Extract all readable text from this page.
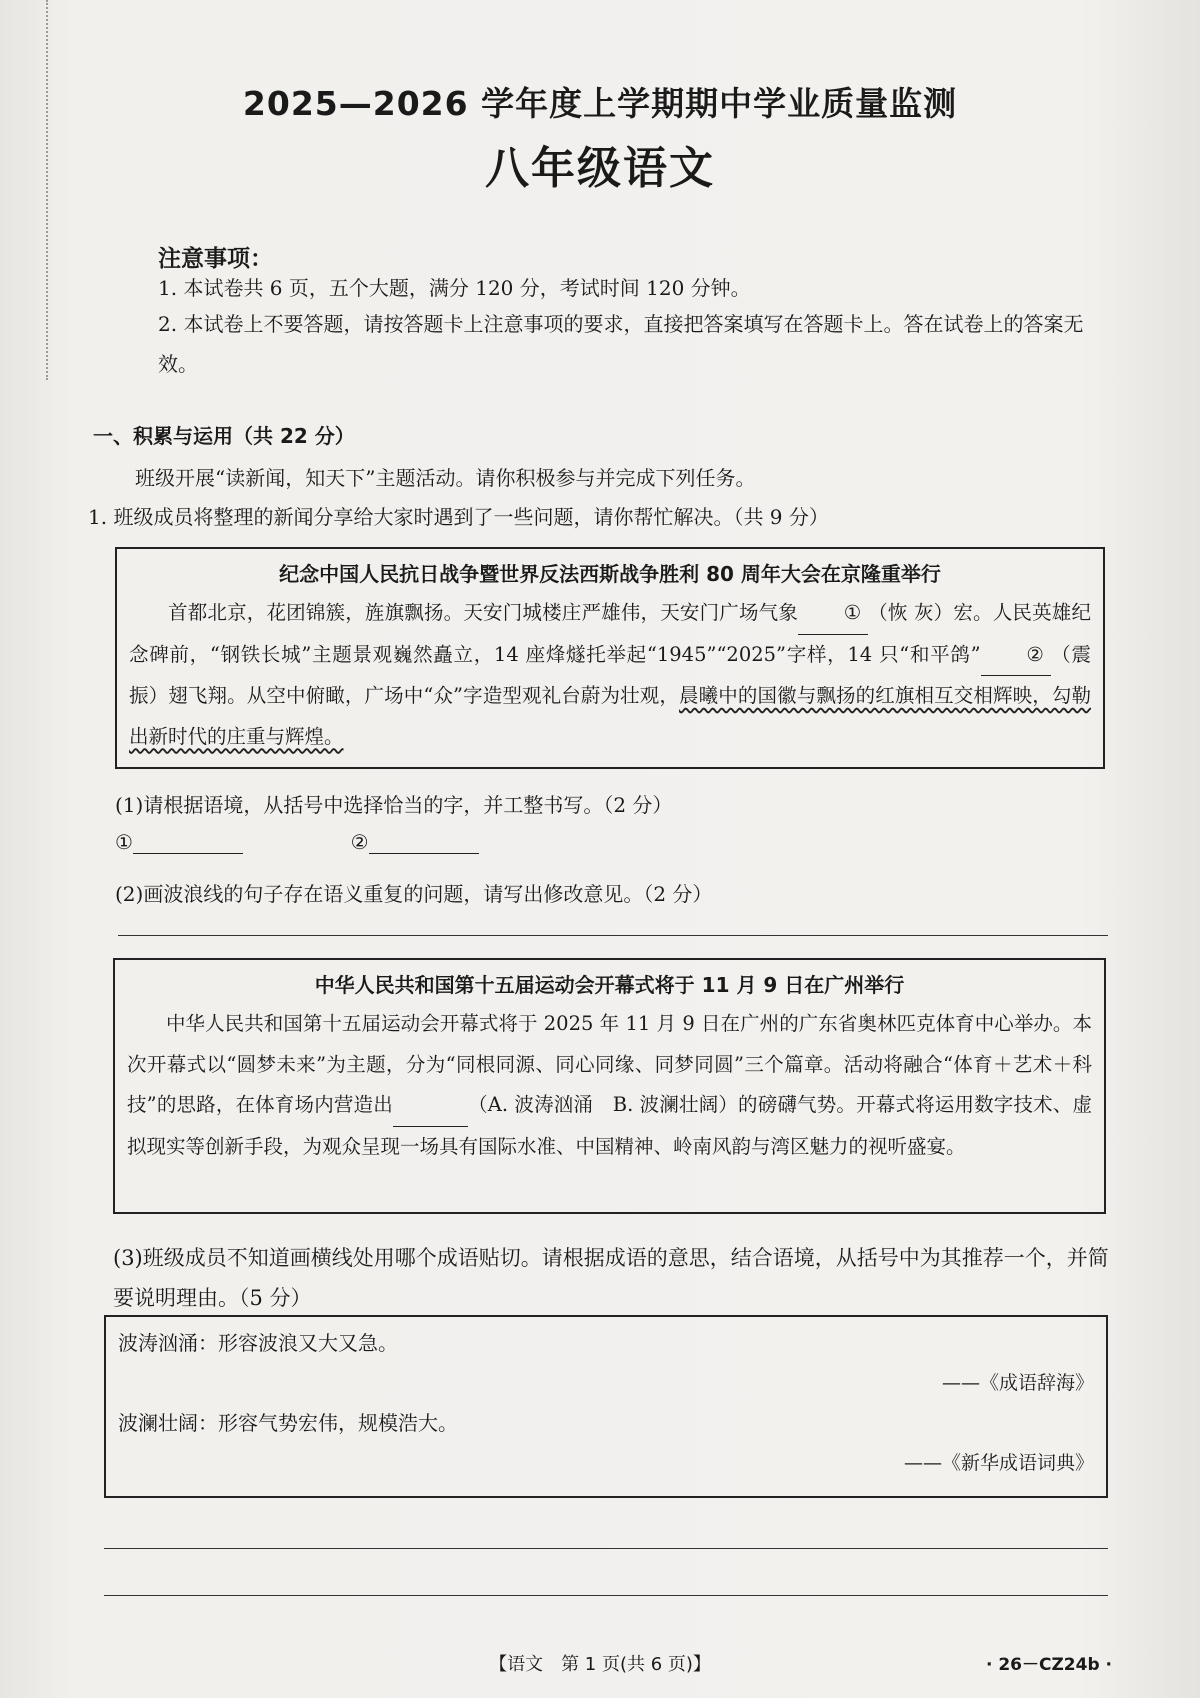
2025—2026 学年度上学期期中学业质量监测
八年级语文
注意事项：
1. 本试卷共 6 页，五个大题，满分 120 分，考试时间 120 分钟。
2. 本试卷上不要答题，请按答题卡上注意事项的要求，直接把答案填写在答题卡上。答在试卷上的答案无效。
一、积累与运用（共 22 分）
班级开展“读新闻，知天下”主题活动。请你积极参与并完成下列任务。
1. 班级成员将整理的新闻分享给大家时遇到了一些问题，请你帮忙解决。（共 9 分）
纪念中国人民抗日战争暨世界反法西斯战争胜利 80 周年大会在京隆重举行
首都北京，花团锦簇，旌旗飘扬。天安门城楼庄严雄伟，天安门广场气象 ① （恢 灰）宏。人民英雄纪念碑前，“钢铁长城”主题景观巍然矗立，14 座烽燧托举起“1945”“2025”字样，14 只“和平鸽” ② （震 振）翅飞翔。从空中俯瞰，广场中“众”字造型观礼台蔚为壮观，晨曦中的国徽与飘扬的红旗相互交相辉映，勾勒出新时代的庄重与辉煌。
(1)请根据语境，从括号中选择恰当的字，并工整书写。（2 分）
①	②
(2)画波浪线的句子存在语义重复的问题，请写出修改意见。（2 分）
中华人民共和国第十五届运动会开幕式将于 11 月 9 日在广州举行
中华人民共和国第十五届运动会开幕式将于 2025 年 11 月 9 日在广州的广东省奥林匹克体育中心举办。本次开幕式以“圆梦未来”为主题，分为“同根同源、同心同缘、同梦同圆”三个篇章。活动将融合“体育＋艺术＋科技”的思路，在体育场内营造出	（A. 波涛汹涌　B. 波澜壮阔）的磅礴气势。开幕式将运用数字技术、虚拟现实等创新手段，为观众呈现一场具有国际水准、中国精神、岭南风韵与湾区魅力的视听盛宴。
(3)班级成员不知道画横线处用哪个成语贴切。请根据成语的意思，结合语境，从括号中为其推荐一个，并简要说明理由。（5 分）
波涛汹涌：形容波浪又大又急。
——《成语辞海》
波澜壮阔：形容气势宏伟，规模浩大。
——《新华成语词典》
【语文　第 1 页(共 6 页)】	· 26－CZ24b ·
